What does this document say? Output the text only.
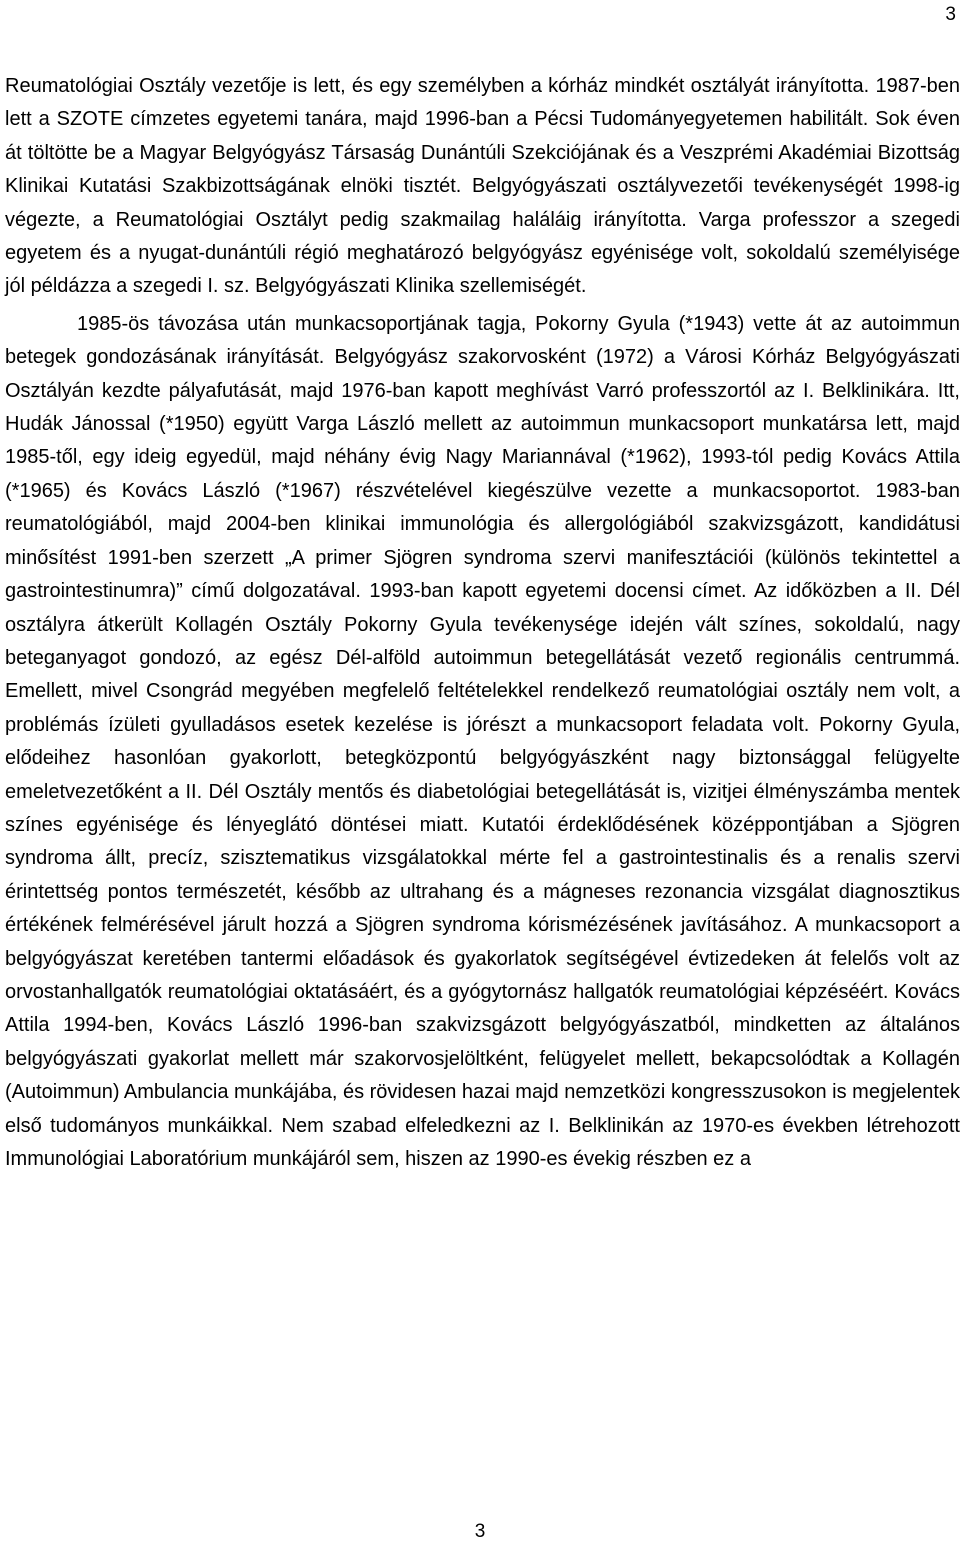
3

Reumatológiai Osztály vezetője is lett, és egy személyben a kórház mindkét osztályát irányította. 1987-ben lett a SZOTE címzetes egyetemi tanára, majd 1996-ban a Pécsi Tudományegyetemen habilitált. Sok éven át töltötte be a Magyar Belgyógyász Társaság Dunántúli Szekciójának és a Veszprémi Akadémiai Bizottság Klinikai Kutatási Szakbizottságának elnöki tisztét. Belgyógyászati osztályvezetői tevékenységét 1998-ig végezte, a Reumatológiai Osztályt pedig szakmailag haláláig irányította. Varga professzor a szegedi egyetem és a nyugat-dunántúli régió meghatározó belgyógyász egyénisége volt, sokoldalú személyisége jól példázza a szegedi I. sz. Belgyógyászati Klinika szellemiségét.

1985-ös távozása után munkacsoportjának tagja, Pokorny Gyula (*1943) vette át az autoimmun betegek gondozásának irányítását. Belgyógyász szakorvosként (1972) a Városi Kórház Belgyógyászati Osztályán kezdte pályafutását, majd 1976-ban kapott meghívást Varró professzortól az I. Belklinikára. Itt, Hudák Jánossal (*1950) együtt Varga László mellett az autoimmun munkacsoport munkatársa lett, majd 1985-től, egy ideig egyedül, majd néhány évig Nagy Mariannával (*1962), 1993-tól pedig Kovács Attila (*1965) és Kovács László (*1967) részvételével kiegészülve vezette a munkacsoportot. 1983-ban reumatológiából, majd 2004-ben klinikai immunológia és allergológiából szakvizsgázott, kandidátusi minősítést 1991-ben szerzett „A primer Sjögren syndroma szervi manifesztációi (különös tekintettel a gastrointestinumra)” című dolgozatával. 1993-ban kapott egyetemi docensi címet. Az időközben a II. Dél osztályra átkerült Kollagén Osztály Pokorny Gyula tevékenysége idején vált színes, sokoldalú, nagy beteganyagot gondozó, az egész Dél-alföld autoimmun betegellátását vezető regionális centrummá. Emellett, mivel Csongrád megyében megfelelő feltételekkel rendelkező reumatológiai osztály nem volt, a problémás ízületi gyulladásos esetek kezelése is jórészt a munkacsoport feladata volt. Pokorny Gyula, elődeihez hasonlóan gyakorlott, betegközpontú belgyógyászként nagy biztonsággal felügyelte emeletvezetőként a II. Dél Osztály mentős és diabetológiai betegellátását is, vizitjei élményszámba mentek színes egyénisége és lényeglátó döntései miatt. Kutatói érdeklődésének középpontjában a Sjögren syndroma állt, precíz, szisztematikus vizsgálatokkal mérte fel a gastrointestinalis és a renalis szervi érintettség pontos természetét, később az ultrahang és a mágneses rezonancia vizsgálat diagnosztikus értékének felmérésével járult hozzá a Sjögren syndroma kórismézésének javításához. A munkacsoport a belgyógyászat keretében tantermi előadások és gyakorlatok segítségével évtizedeken át felelős volt az orvostanhallgatók reumatológiai oktatásáért, és a gyógytornász hallgatók reumatológiai képzéséért. Kovács Attila 1994-ben, Kovács László 1996-ban szakvizsgázott belgyógyászatból, mindketten az általános belgyógyászati gyakorlat mellett már szakorvosjelöltként, felügyelet mellett, bekapcsolódtak a Kollagén (Autoimmun) Ambulancia munkájába, és rövidesen hazai majd nemzetközi kongresszusokon is megjelentek első tudományos munkáikkal. Nem szabad elfeledkezni az I. Belklinikán az 1970-es években létrehozott Immunológiai Laboratórium munkájáról sem, hiszen az 1990-es évekig részben ez a

3
